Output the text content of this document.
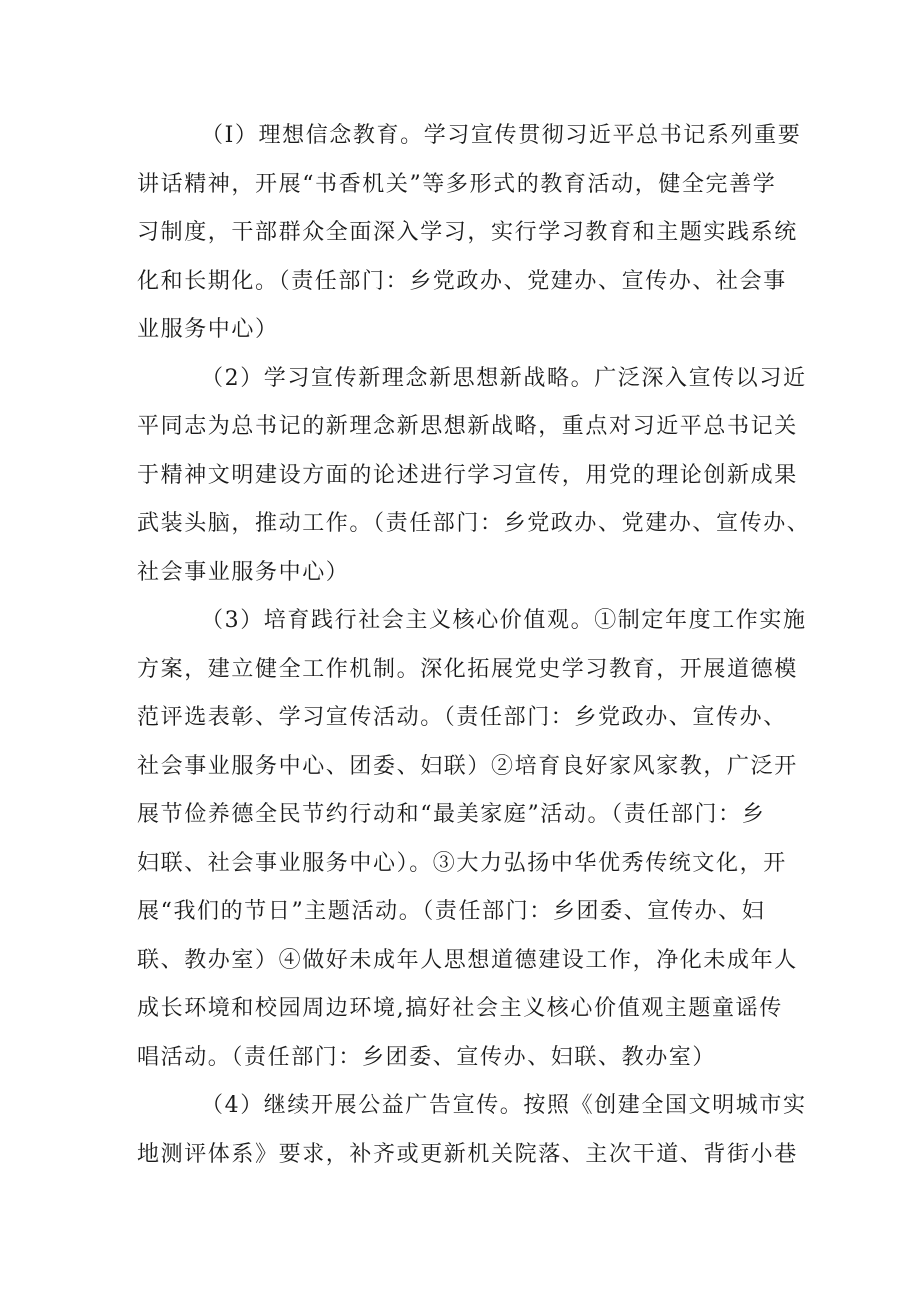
（I）理想信念教育。学习宣传贯彻习近平总书记系列重要
讲话精神，开展“书香机关”等多形式的教育活动，健全完善学
习制度，干部群众全面深入学习，实行学习教育和主题实践系统
化和长期化。（责任部门：乡党政办、党建办、宣传办、社会事
业服务中心）

（2）学习宣传新理念新思想新战略。广泛深入宣传以习近
平同志为总书记的新理念新思想新战略，重点对习近平总书记关
于精神文明建设方面的论述进行学习宣传，用党的理论创新成果
武装头脑，推动工作。（责任部门：乡党政办、党建办、宣传办、
社会事业服务中心）

（3）培育践行社会主义核心价值观。①制定年度工作实施
方案，建立健全工作机制。深化拓展党史学习教育，开展道德模
范评选表彰、学习宣传活动。（责任部门：乡党政办、宣传办、
社会事业服务中心、团委、妇联）②培育良好家风家教，广泛开
展节俭养德全民节约行动和“最美家庭”活动。（责任部门：乡
妇联、社会事业服务中心）。③大力弘扬中华优秀传统文化，开
展“我们的节日”主题活动。（责任部门：乡团委、宣传办、妇
联、教办室）④做好未成年人思想道德建设工作，净化未成年人
成长环境和校园周边环境,搞好社会主义核心价值观主题童谣传
唱活动。（责任部门：乡团委、宣传办、妇联、教办室）

（4）继续开展公益广告宣传。按照《创建全国文明城市实
地测评体系》要求，补齐或更新机关院落、主次干道、背街小巷
